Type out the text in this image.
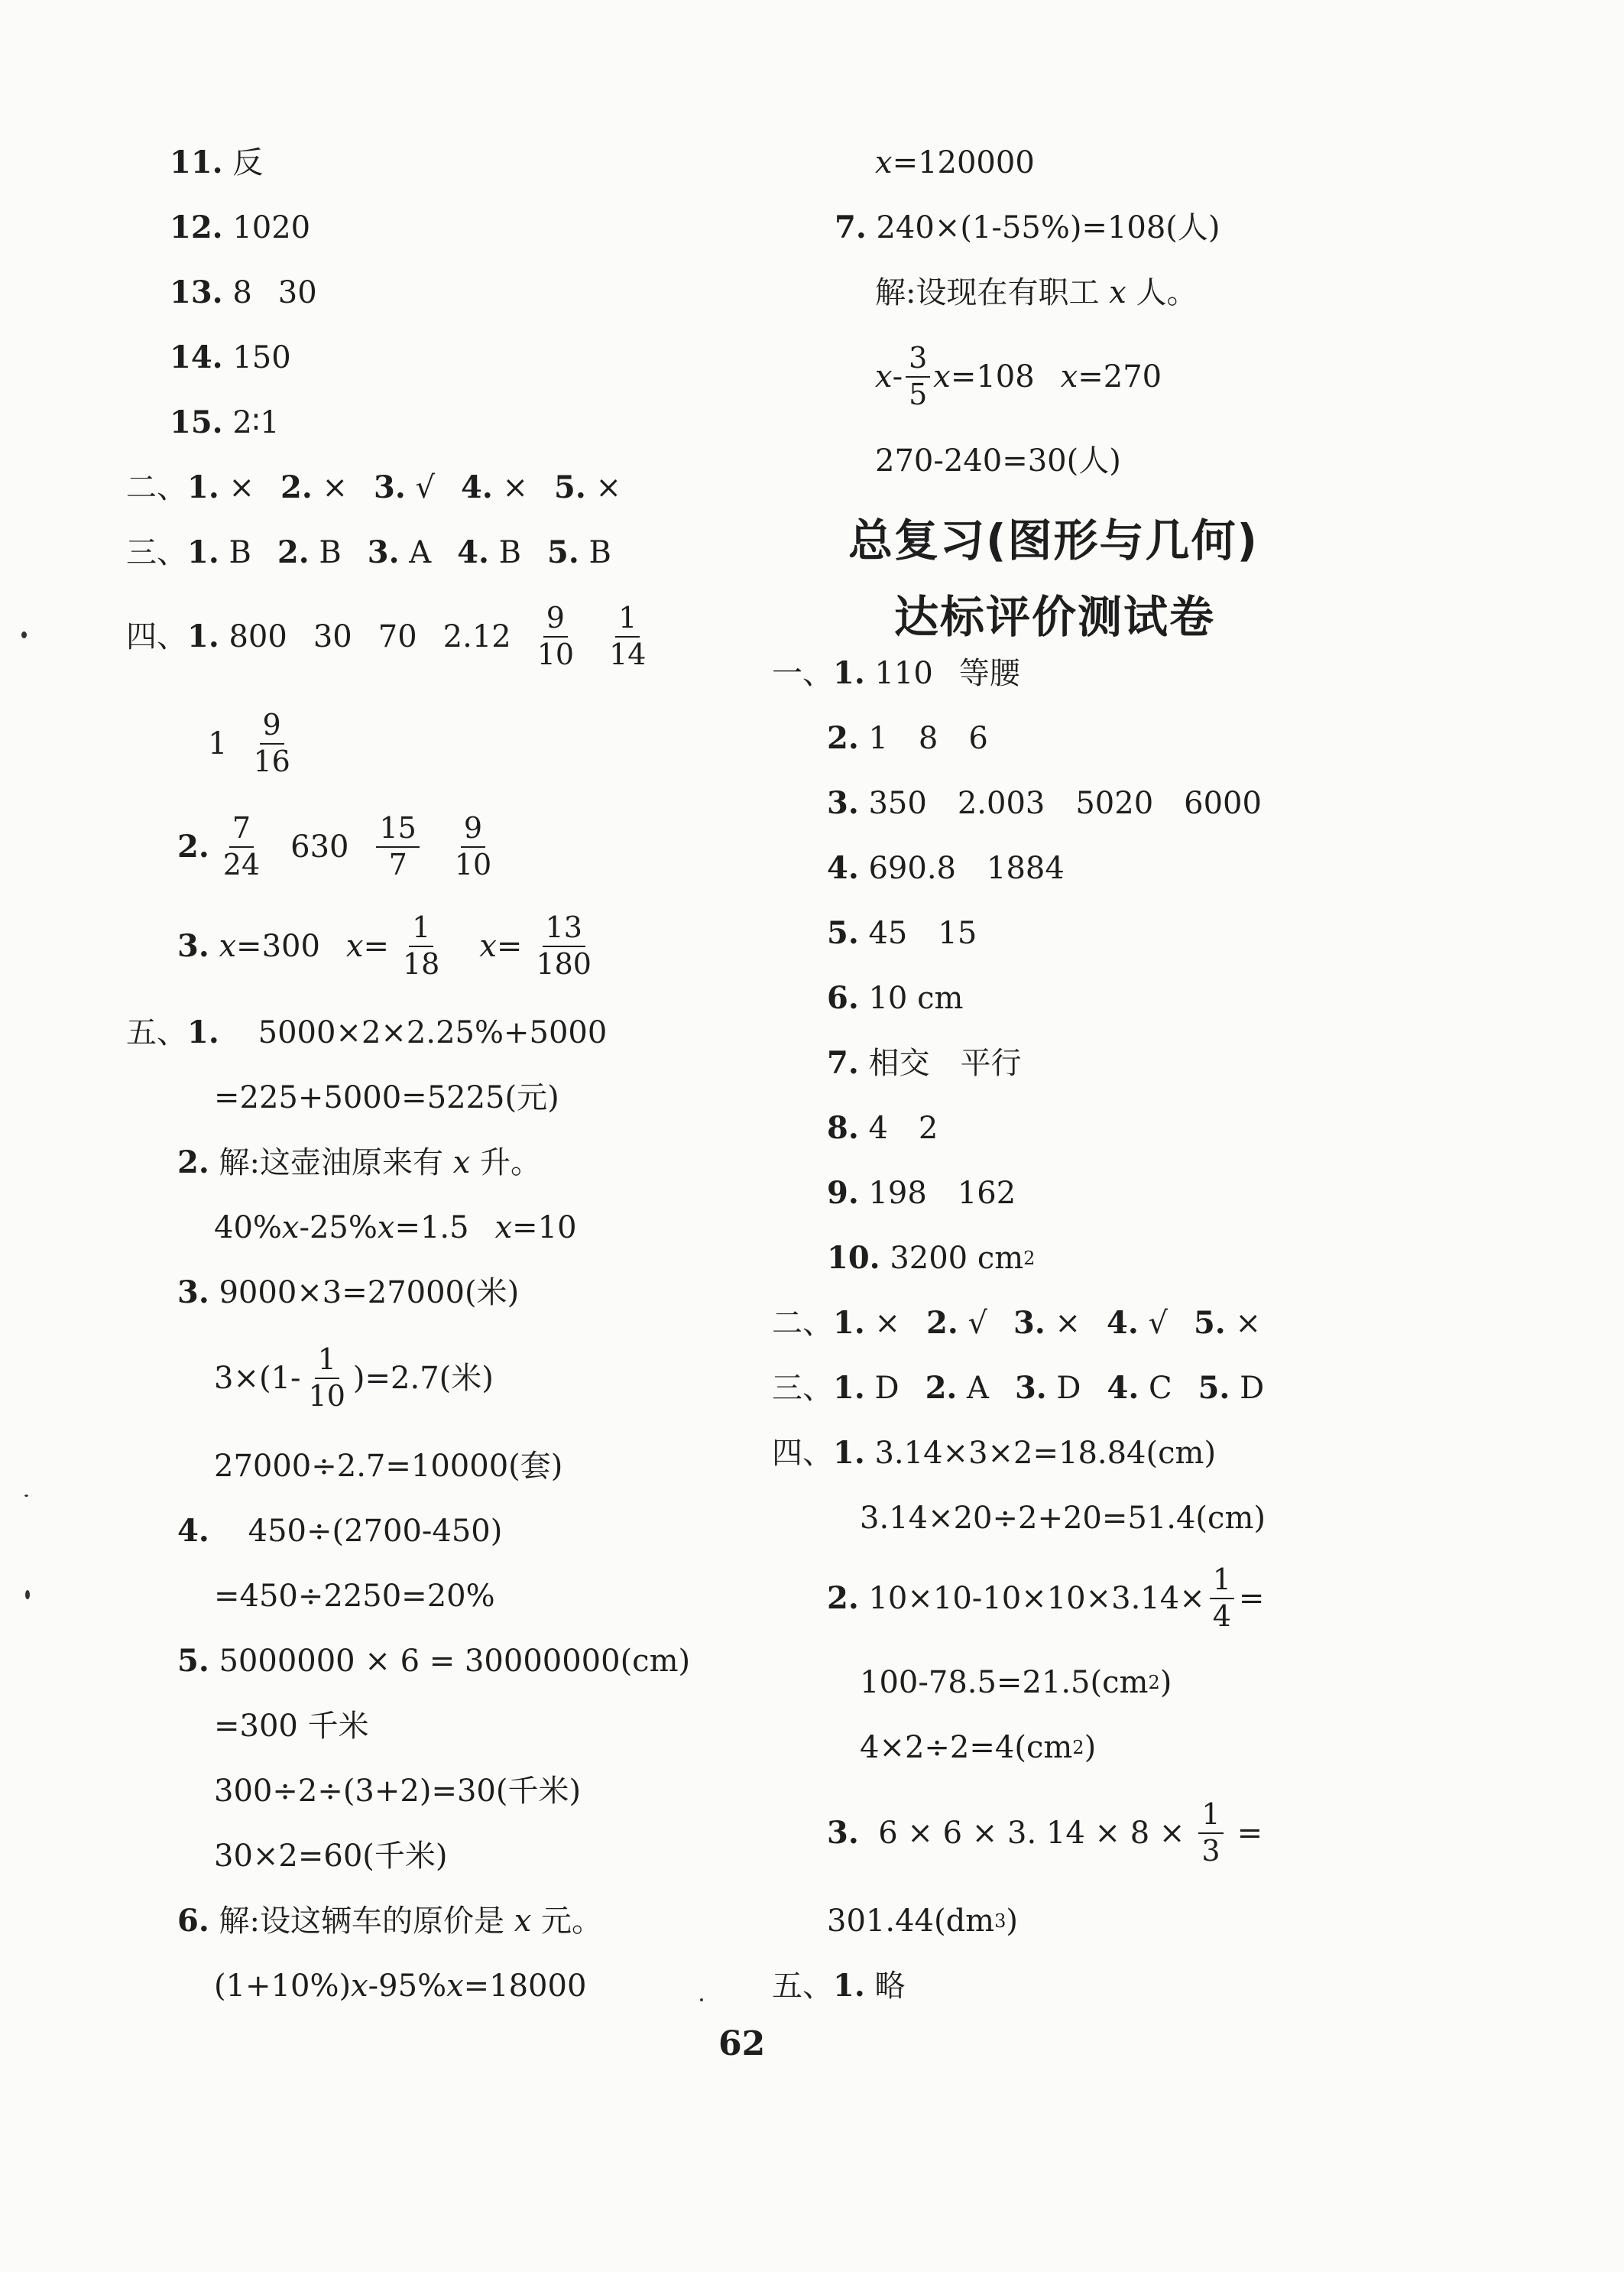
11.
反
12.
1020
13.
8 30
14.
150
15.
2∶1
二、 1.
× 2.
× 3.
√ 4.
× 5.
×
三、 1.
B 2.
B 3.
A 4.
B 5.
B
四、 1.
800 30 70 $2.12 \frac{9}{10} \frac{1}{14}$
$1 \frac{9}{16}$
2. $\frac{7}{24} 630 \frac{15}{7} \frac{9}{10}$
3.
x =300 $x = \frac{1}{18}$ $x = \frac{13}{180}$
五、 1.
5000×2×2.25%+5000
=225+5000=5225(元)
2.
解:这壶油原来有
x
升。
40% x -25% x =1.5 x =10
3.
9000×3=27000(米)
$3\times(1- \frac{1}{10} )=2.7$(米)
27000÷2.7=10000(套)
4.
450÷(2700-450)
=450÷2250=20%
5.
5000000 × 6 = 30000000(cm)
=300 千米
300÷2÷(3+2)=30(千米)
30×2=60(千米)
6.
解:设这辆车的原价是
x
元。
(1+10%) x -95% x =18000
x =120000
7.
240×(1-55%)=108(人)
解:设现在有职工
x
人。
x - $\frac{3}{5}$ x =108 x =270
270-240=30(人)
总复习(图形与几何)
达标评价测试卷
一、 1.
110 等腰
2.
1　8　6
3.
350　2.003　5020　6000
4.
690.8　1884
5.
45　15
6.
10 cm
7.
相交　平行
8.
4　2
9.
198　162
10.
3200 cm 2
二、 1.
× 2.
√ 3.
× 4.
√ 5.
×
三、 1.
D 2.
A 3.
D 4.
C 5.
D
四、 1.
3.14×3×2=18.84(cm)
3.14×20÷2+20=51.4(cm)
2.
$10\times 10-10\times 10\times 3.14\times \frac{1}{4}$ =
100-78.5=21.5(cm 2 )
4×2÷2=4(cm 2 )
3.
6 × 6 × 3. $14 \times 8 \times \frac{1}{3}$ =
301.44(dm 3 )
五、 1.
略
62
